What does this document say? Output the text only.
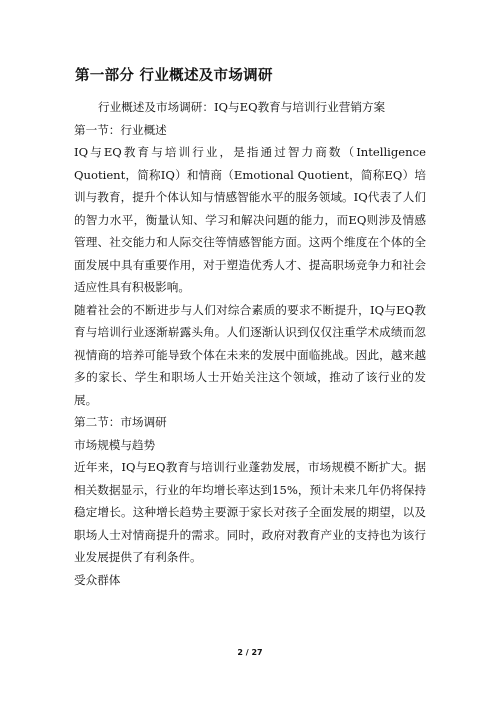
第一部分 行业概述及市场调研

行业概述及市场调研：IQ与EQ教育与培训行业营销方案

第一节：行业概述

IQ与EQ教育与培训行业，是指通过智力商数（Intelligence Quotient，简称IQ）和情商（Emotional Quotient，简称EQ）培训与教育，提升个体认知与情感智能水平的服务领域。IQ代表了人们的智力水平，衡量认知、学习和解决问题的能力，而EQ则涉及情感管理、社交能力和人际交往等情感智能方面。这两个维度在个体的全面发展中具有重要作用，对于塑造优秀人才、提高职场竞争力和社会适应性具有积极影响。

随着社会的不断进步与人们对综合素质的要求不断提升，IQ与EQ教育与培训行业逐渐崭露头角。人们逐渐认识到仅仅注重学术成绩而忽视情商的培养可能导致个体在未来的发展中面临挑战。因此，越来越多的家长、学生和职场人士开始关注这个领域，推动了该行业的发展。

第二节：市场调研

市场规模与趋势

近年来，IQ与EQ教育与培训行业蓬勃发展，市场规模不断扩大。据相关数据显示，行业的年均增长率达到15%，预计未来几年仍将保持稳定增长。这种增长趋势主要源于家长对孩子全面发展的期望，以及职场人士对情商提升的需求。同时，政府对教育产业的支持也为该行业发展提供了有利条件。

受众群体

2 / 27
